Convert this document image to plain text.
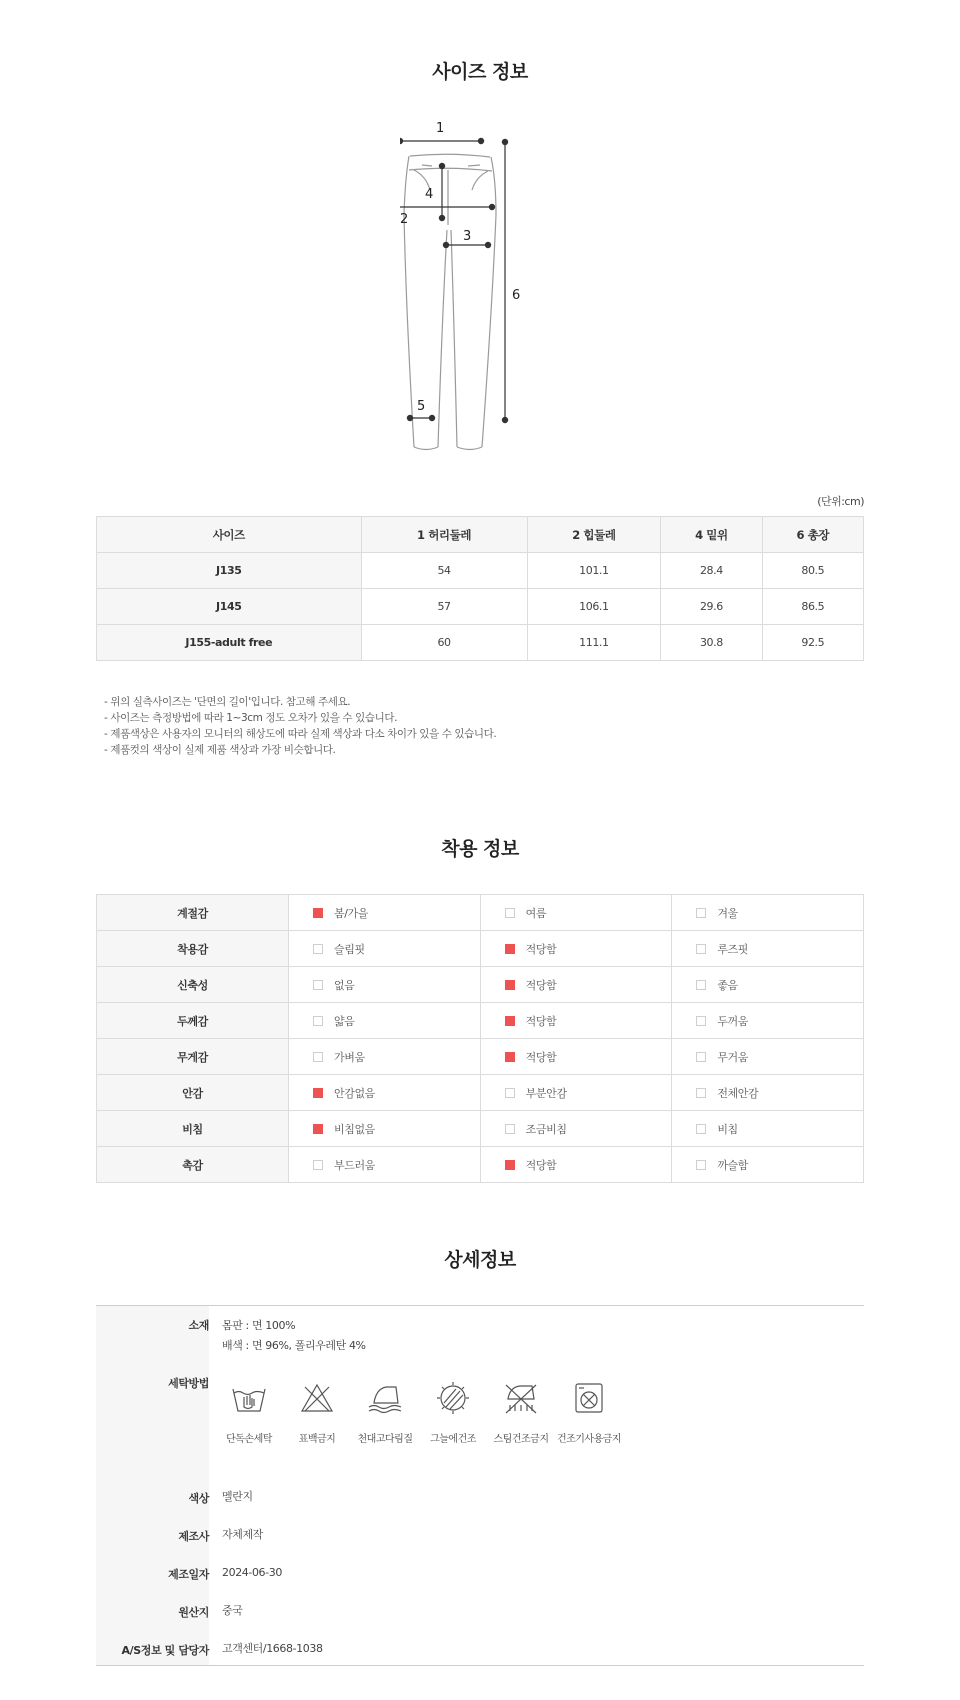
사이즈 정보
1
2
3
4
5
6
(단위:cm)
사이즈	1 허리둘레	2 힙둘레	4 밑위	6 총장
J135	54	101.1	28.4	80.5
J145	57	106.1	29.6	86.5
J155-adult free	60	111.1	30.8	92.5
- 위의 실측사이즈는 '단면의 길이'입니다. 참고해 주세요.
- 사이즈는 측정방법에 따라 1~3cm 정도 오차가 있을 수 있습니다.
- 제품색상은 사용자의 모니터의 해상도에 따라 실제 색상과 다소 차이가 있을 수 있습니다.
- 제품컷의 색상이 실제 제품 색상과 가장 비슷합니다.
착용 정보
계절감	봄/가을	여름	겨울
착용감	슬림핏	적당함	루즈핏
신축성	없음	적당함	좋음
두께감	얇음	적당함	두꺼움
무게감	가벼움	적당함	무거움
안감	안감없음	부분안감	전체안감
비침	비침없음	조금비침	비침
촉감	부드러움	적당함	까슬함
상세정보
소재 몸판 : 면 100%
배색 : 면 96%, 폴리우레탄 4%
세탁방법
단독손세탁	표백금지	천대고다림질	그늘에건조	스팀건조금지 건조기사용금지
색상 멜란지
제조사 자체제작
제조일자 2024-06-30
원산지 중국
A/S정보 및 담당자 고객센터/1668-1038
